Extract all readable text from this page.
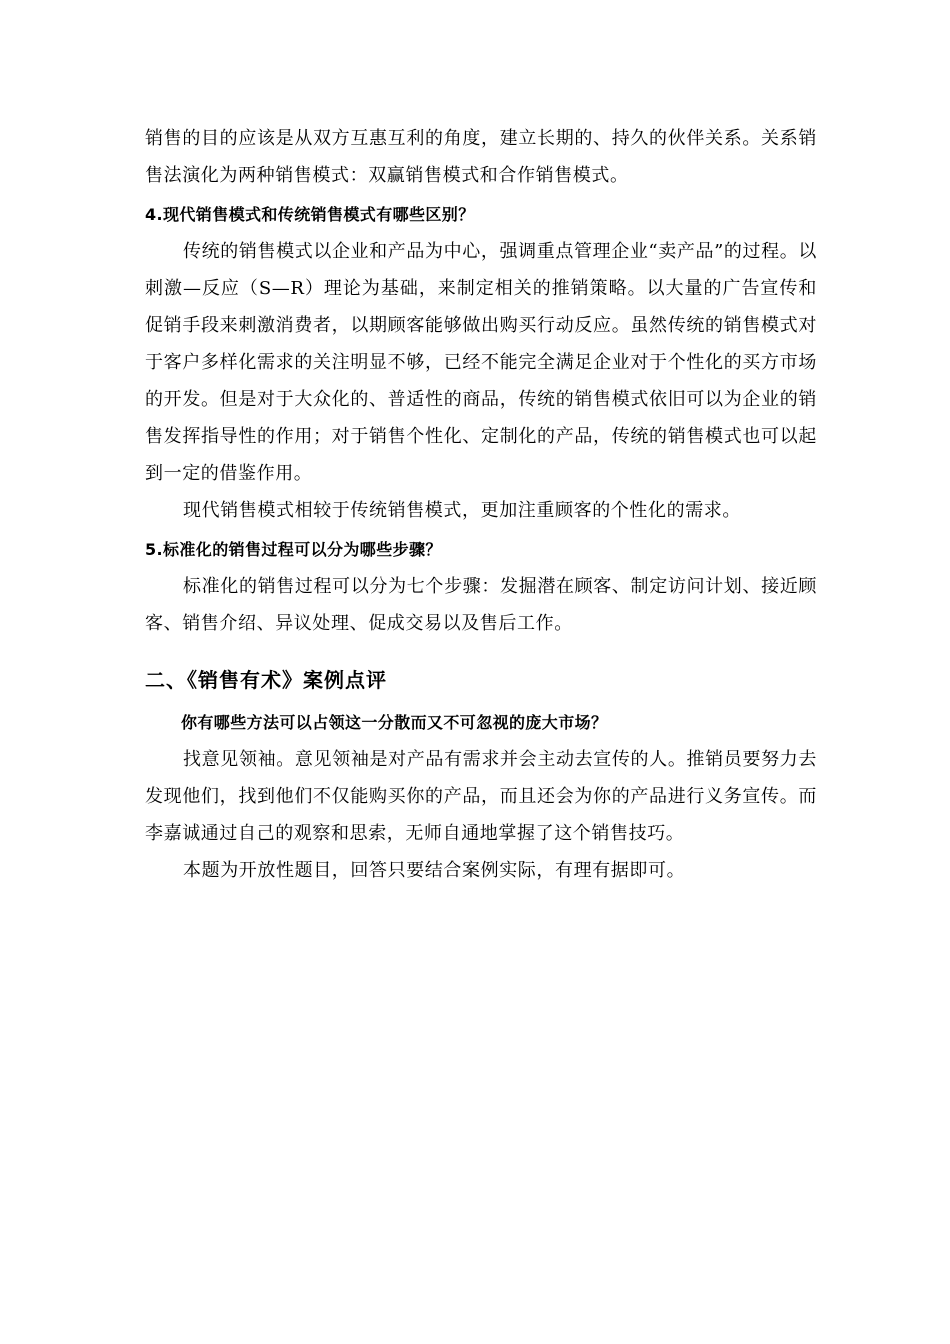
销售的目的应该是从双方互惠互利的角度，建立长期的、持久的伙伴关系。关系销售法演化为两种销售模式：双赢销售模式和合作销售模式。

4.现代销售模式和传统销售模式有哪些区别？

传统的销售模式以企业和产品为中心，强调重点管理企业“卖产品”的过程。以刺激—反应（S—R）理论为基础，来制定相关的推销策略。以大量的广告宣传和促销手段来刺激消费者，以期顾客能够做出购买行动反应。虽然传统的销售模式对于客户多样化需求的关注明显不够，已经不能完全满足企业对于个性化的买方市场的开发。但是对于大众化的、普适性的商品，传统的销售模式依旧可以为企业的销售发挥指导性的作用；对于销售个性化、定制化的产品，传统的销售模式也可以起到一定的借鉴作用。

现代销售模式相较于传统销售模式，更加注重顾客的个性化的需求。

5.标准化的销售过程可以分为哪些步骤？

标准化的销售过程可以分为七个步骤：发掘潜在顾客、制定访问计划、接近顾客、销售介绍、异议处理、促成交易以及售后工作。

二、《销售有术》案例点评

你有哪些方法可以占领这一分散而又不可忽视的庞大市场？

找意见领袖。意见领袖是对产品有需求并会主动去宣传的人。推销员要努力去发现他们，找到他们不仅能购买你的产品，而且还会为你的产品进行义务宣传。而李嘉诚通过自己的观察和思索，无师自通地掌握了这个销售技巧。

本题为开放性题目，回答只要结合案例实际，有理有据即可。
